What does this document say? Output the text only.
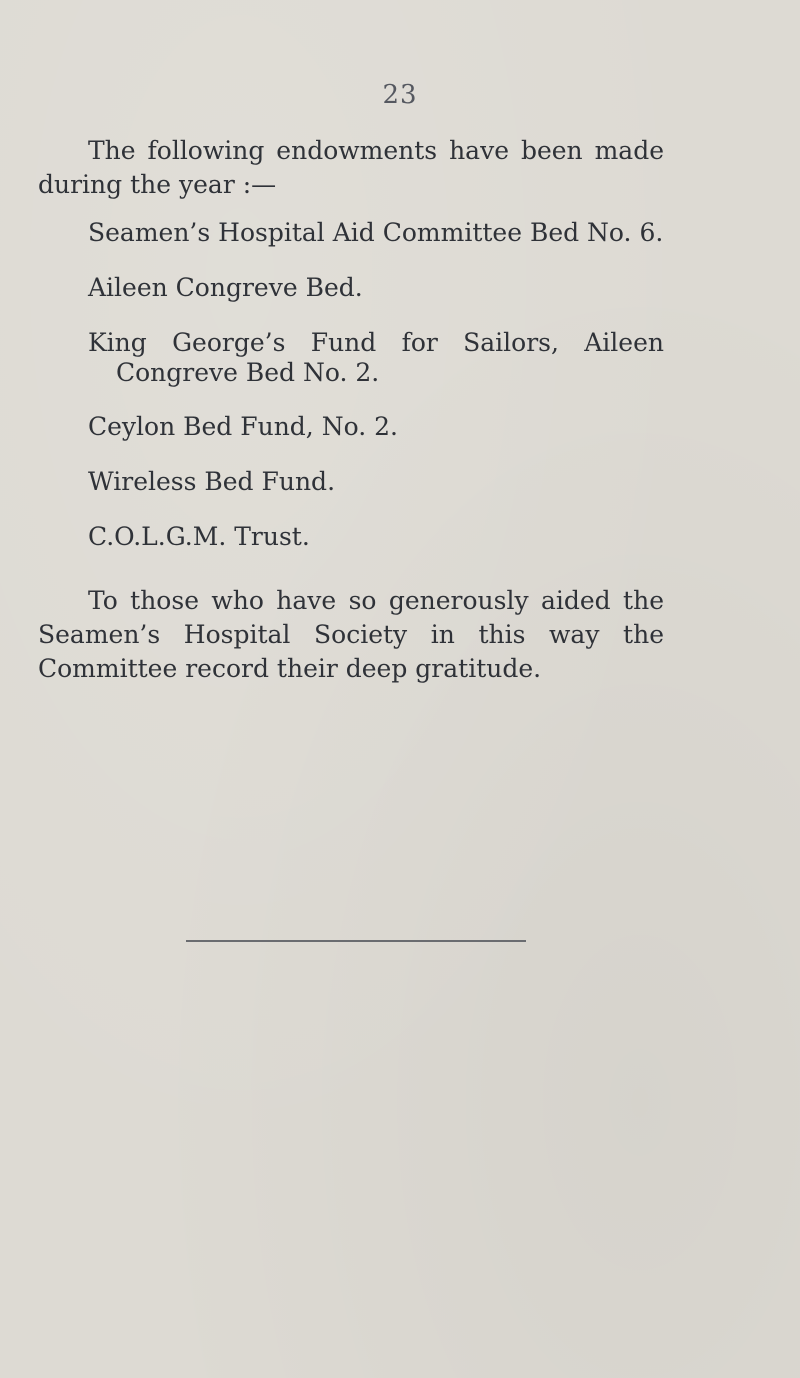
23

The following endowments have been made during the year :—

Seamen’s Hospital Aid Committee Bed No. 6.
Aileen Congreve Bed.
King George’s Fund for Sailors, Aileen Congreve Bed No. 2.
Ceylon Bed Fund, No. 2.
Wireless Bed Fund.
C.O.L.G.M. Trust.

To those who have so generously aided the Seamen’s Hospital Society in this way the Committee record their deep gratitude.
